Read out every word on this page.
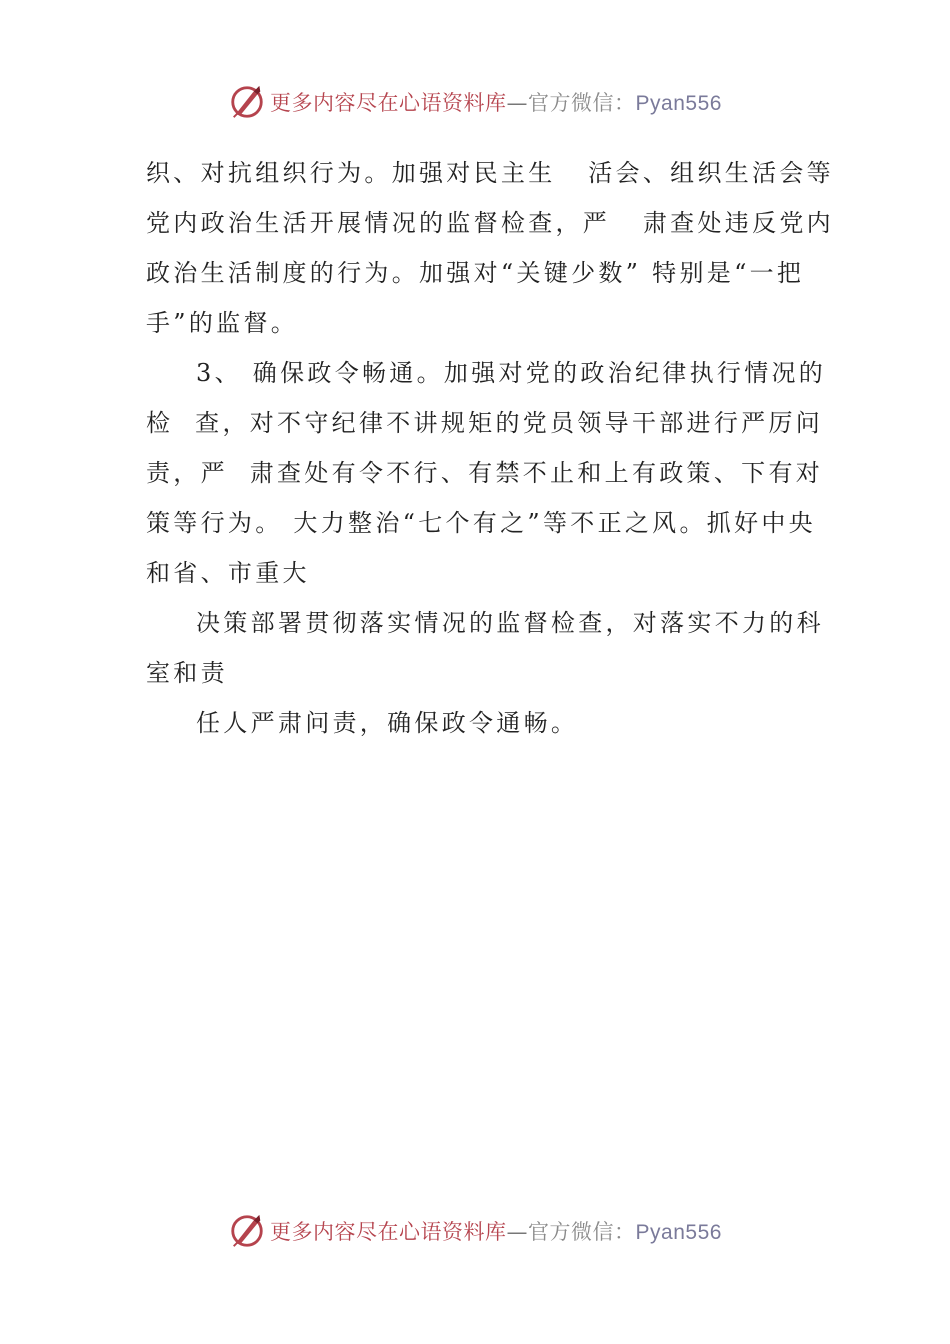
更多内容尽在心语资料库—官方微信：Pyan556

织、对抗组织行为。加强对民主生   活会、组织生活会等

党内政治生活开展情况的监督检查，严   肃查处违反党内

政治生活制度的行为。加强对“关键少数” 特别是“一把

手”的监督。

3、 确保政令畅通。加强对党的政治纪律执行情况的

检  查，对不守纪律不讲规矩的党员领导干部进行严厉问

责，严  肃查处有令不行、有禁不止和上有政策、下有对

策等行为。 大力整治“七个有之”等不正之风。抓好中央

和省、市重大

决策部署贯彻落实情况的监督检查，对落实不力的科

室和责

任人严肃问责，确保政令通畅。

更多内容尽在心语资料库—官方微信：Pyan556
